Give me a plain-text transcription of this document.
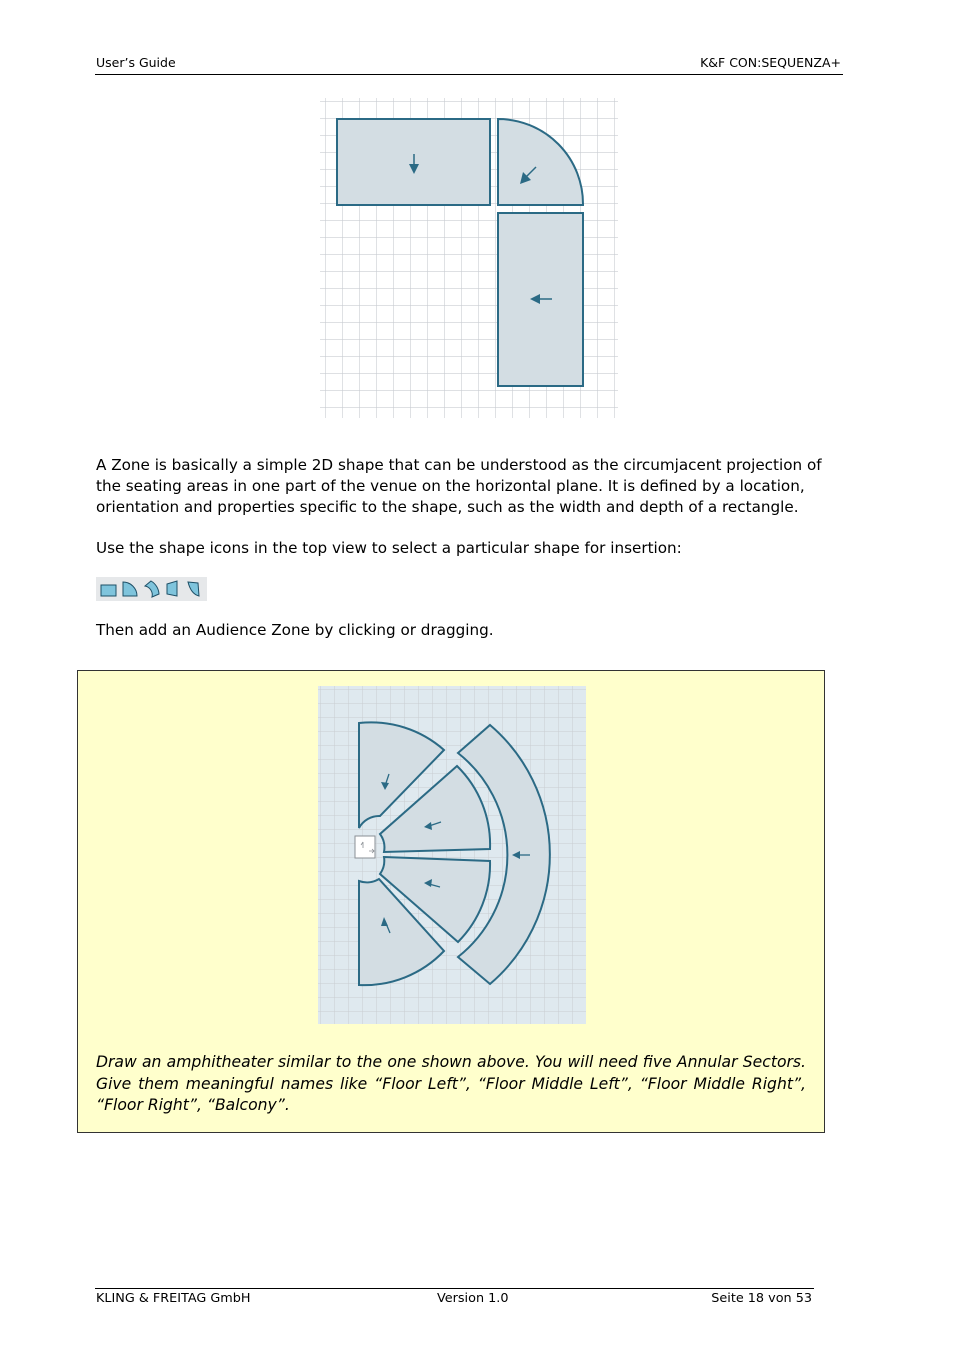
User’s Guide	K&F CON:SEQUENZA+

A Zone is basically a simple 2D shape that can be understood as the circumjacent projection of the seating areas in one part of the venue on the horizontal plane. It is defined by a location, orientation and properties specific to the shape, such as the width and depth of a rectangle.

Use the shape icons in the top view to select a particular shape for insertion:

Then add an Audience Zone by clicking or dragging.

Draw an amphitheater similar to the one shown above. You will need five Annular Sectors. Give them meaningful names like “Floor Left”, “Floor Middle Left”, “Floor Middle Right”, “Floor Right”, “Balcony”.

KLING & FREITAG GmbH	Version 1.0	Seite 18 von 53
